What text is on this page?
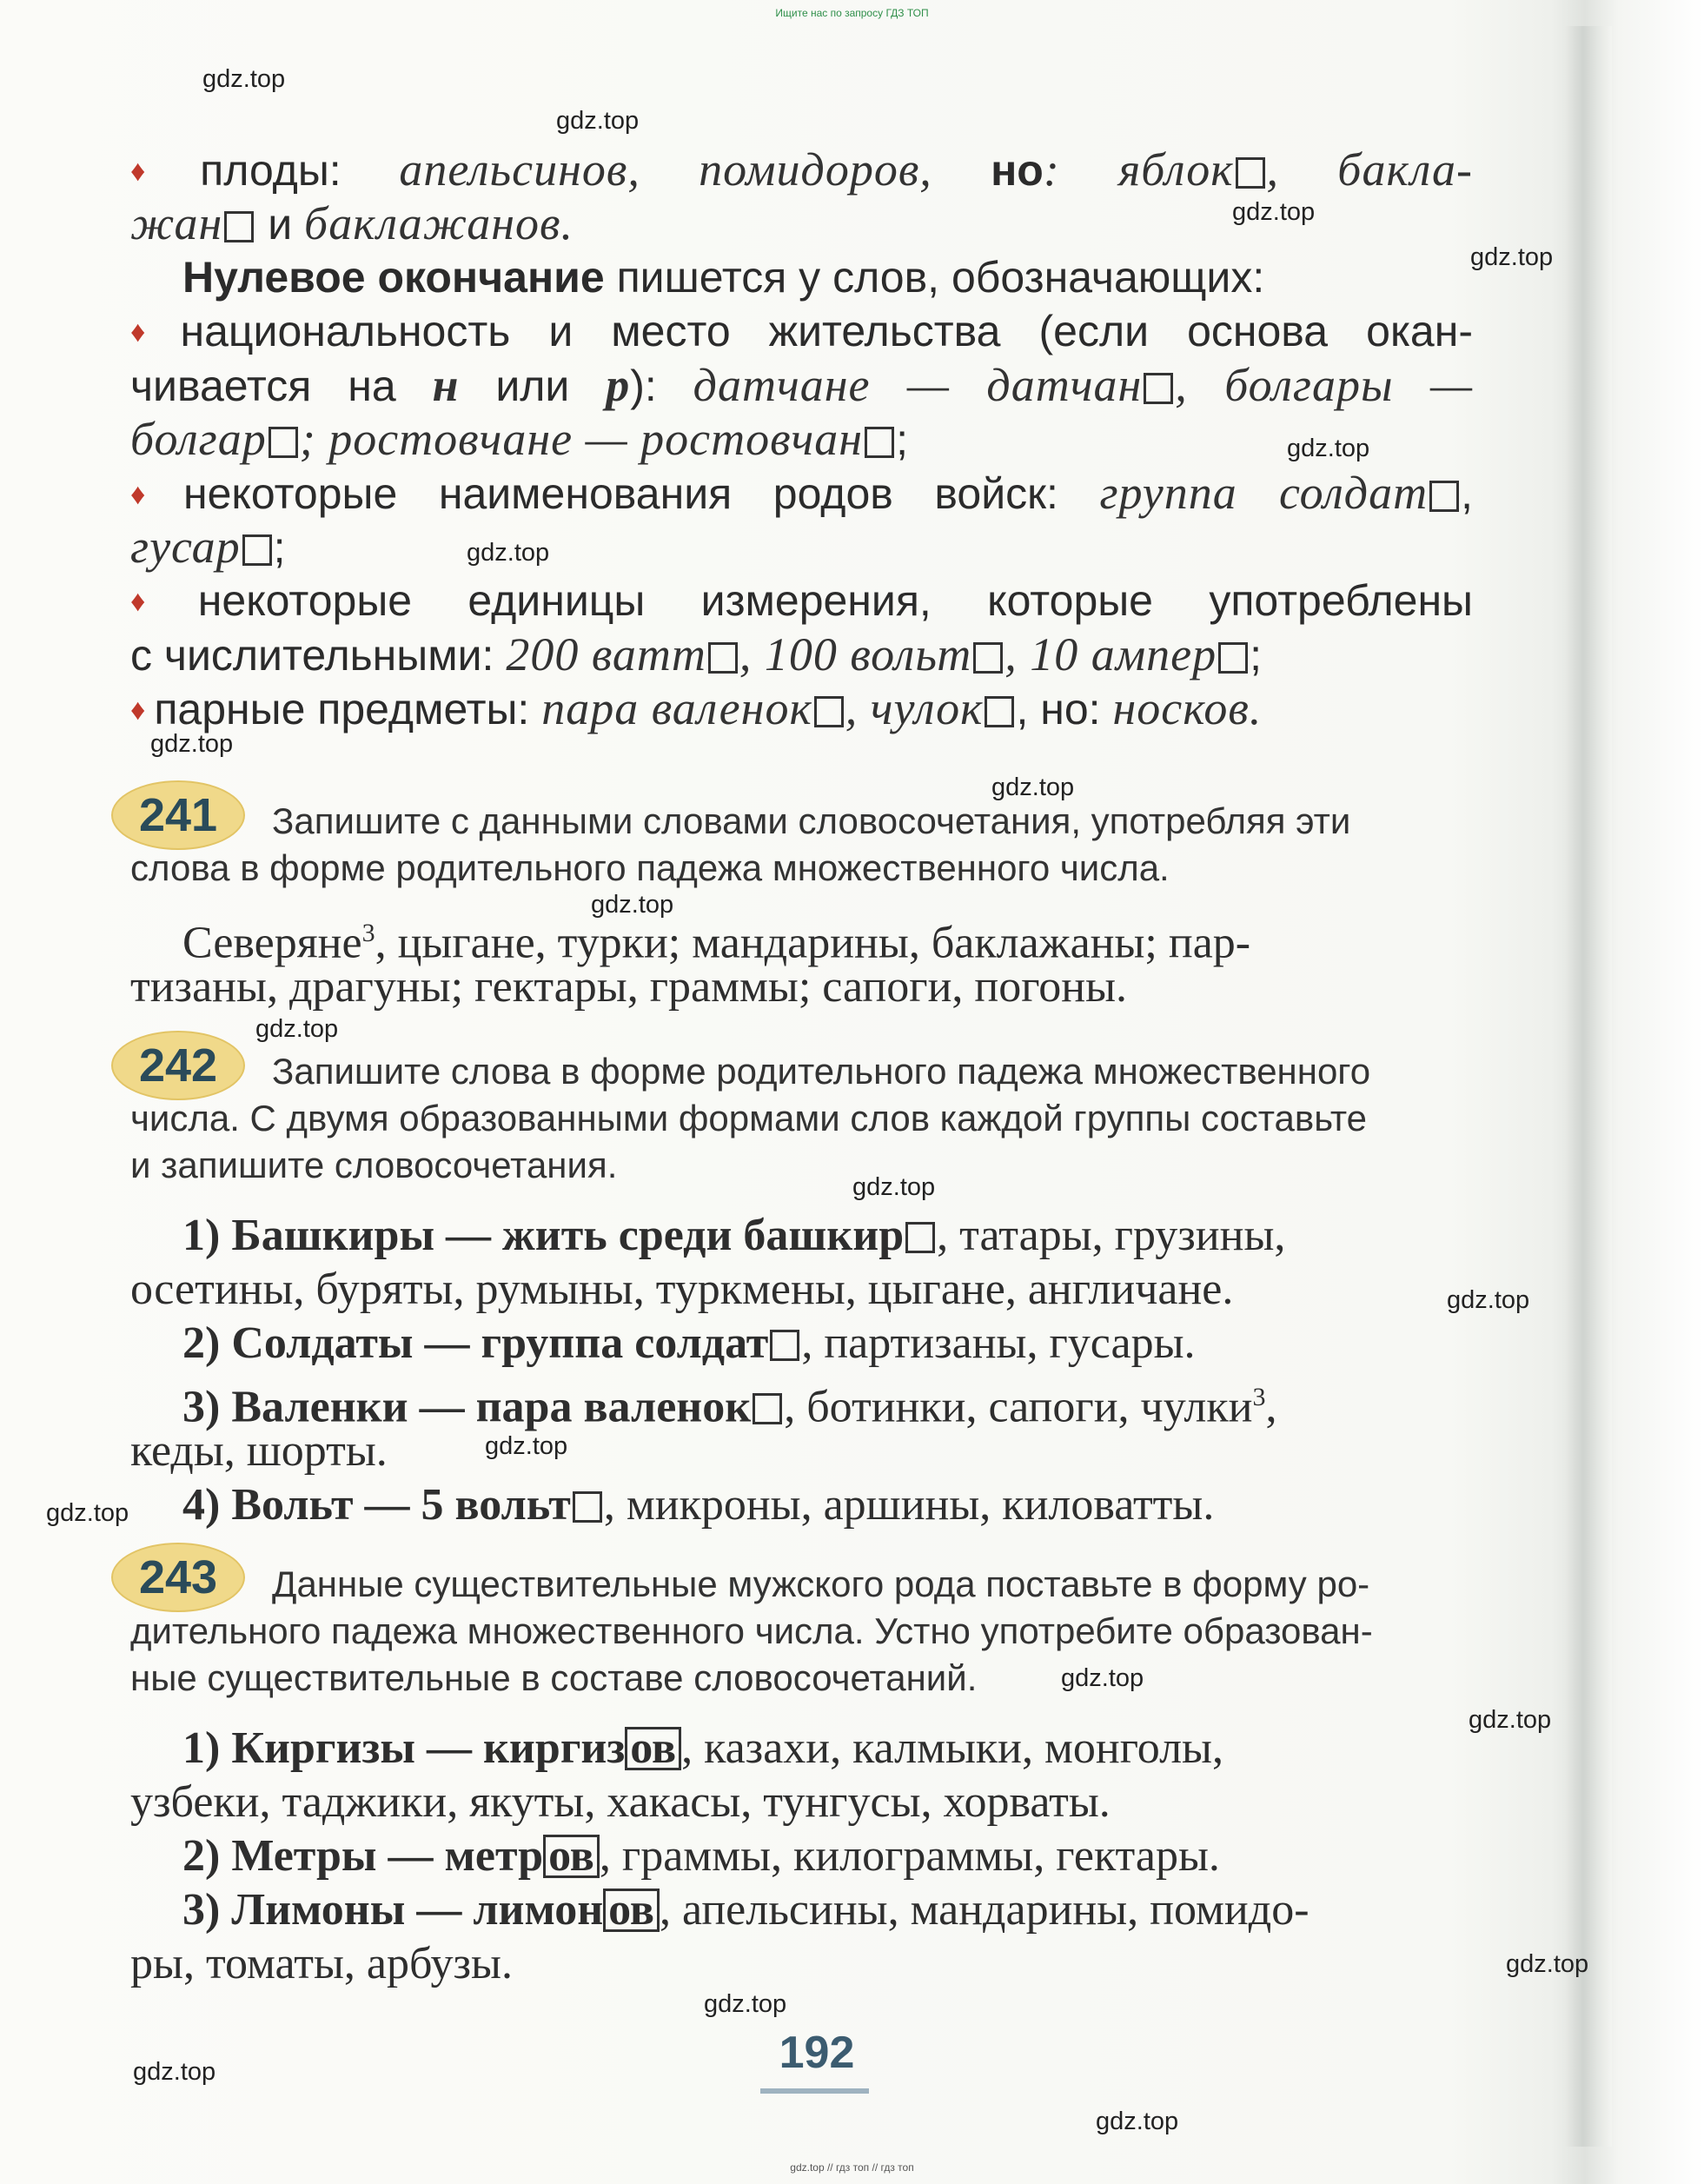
Ищите нас по запросу ГДЗ ТОП
gdz.top
gdz.top
gdz.top
gdz.top
gdz.top
gdz.top
gdz.top
gdz.top
gdz.top
gdz.top
gdz.top
gdz.top
gdz.top
gdz.top
gdz.top
gdz.top
gdz.top
gdz.top
gdz.top
gdz.top
♦ плоды: апельсинов, помидоров, но: яблок , бакла-
жан и баклажанов.
Нулевое окончание пишется у слов, обозначающих:
♦ национальность и место жительства (если основа окан-
чивается на н или р): датчане — датчан , болгары —
болгар ; ростовчане — ростовчан ;
♦ некоторые наименования родов войск: группа солдат ,
гусар ;
♦ некоторые единицы измерения, которые употреблены
с числительными: 200 ватт , 100 вольт , 10 ампер ;
♦ парные предметы: пара валенок , чулок , но: носков.
241	Запишите с данными словами словосочетания, употребляя эти
слова в форме родительного падежа множественного числа.
Северяне$^3$, цыгане, турки; мандарины, баклажаны; пар-
тизаны, драгуны; гектары, граммы; сапоги, погоны.
242	Запишите слова в форме родительного падежа множественного
числа. С двумя образованными формами слов каждой группы составьте
и запишите словосочетания.
1) Башкиры — жить среди башкир , татары, грузины,
осетины, буряты, румыны, туркмены, цыгане, англичане.
2) Солдаты — группа солдат , партизаны, гусары.
3) Валенки — пара валенок , ботинки, сапоги, чулки$^3$,
кеды, шорты.
4) Вольт — 5 вольт , микроны, аршины, киловатты.
243	Данные существительные мужского рода поставьте в форму ро-
дительного падежа множественного числа. Устно употребите образован-
ные существительные в составе словосочетаний.
1) Киргизы — киргиз ов , казахи, калмыки, монголы,
узбеки, таджики, якуты, хакасы, тунгусы, хорваты.
2) Метры — метр ов , граммы, килограммы, гектары.
3) Лимоны — лимон ов , апельсины, мандарины, помидо-
ры, томаты, арбузы.
192
gdz.top // гдз топ // гдз топ
